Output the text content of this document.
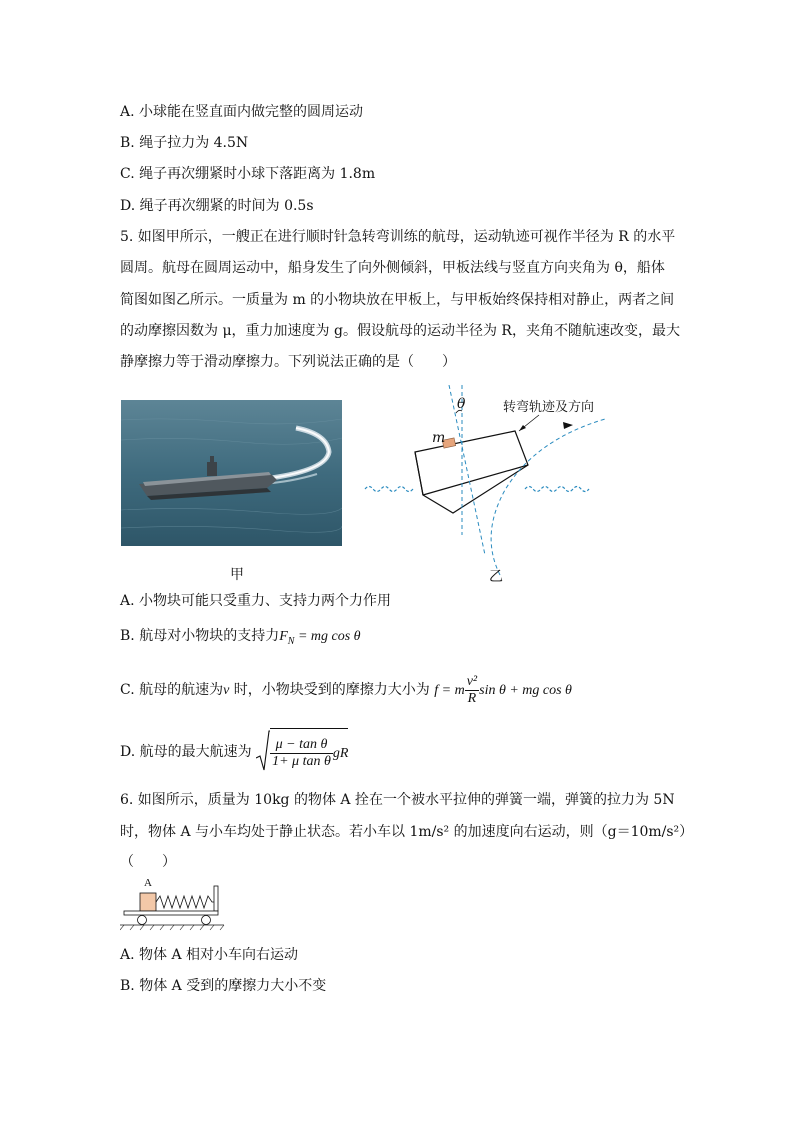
A. 小球能在竖直面内做完整的圆周运动
B. 绳子拉力为 4.5N
C. 绳子再次绷紧时小球下落距离为 1.8m
D. 绳子再次绷紧的时间为 0.5s
5. 如图甲所示，一艘正在进行顺时针急转弯训练的航母，运动轨迹可视作半径为 R 的水平
圆周。航母在圆周运动中，船身发生了向外侧倾斜，甲板法线与竖直方向夹角为 θ，船体
简图如图乙所示。一质量为 m 的小物块放在甲板上，与甲板始终保持相对静止，两者之间
的动摩擦因数为 μ，重力加速度为 g。假设航母的运动半径为 R，夹角不随航速改变，最大
静摩擦力等于滑动摩擦力。下列说法正确的是（　　）
甲
θ
m
转弯轨迹及方向
乙
A. 小物块可能只受重力、支持力两个力作用
B. 航母对小物块的支持力$F_N$ = mg cos θ
C. 航母的航速为v 时，小物块受到的摩擦力大小为 f = m $\frac{\text{v²}}{R}$ sin θ + mg cos θ
D. 航母的最大航速为 $\frac{\text{μ − tan θ}}{\text{1+ μ tan θ}}$ gR
6. 如图所示，质量为 10kg 的物体 A 拴在一个被水平拉伸的弹簧一端，弹簧的拉力为 5N
时，物体 A 与小车均处于静止状态。若小车以 1m/s² 的加速度向右运动，则（g＝10m/s²）
（　　）
A
A. 物体 A 相对小车向右运动
B. 物体 A 受到的摩擦力大小不变
